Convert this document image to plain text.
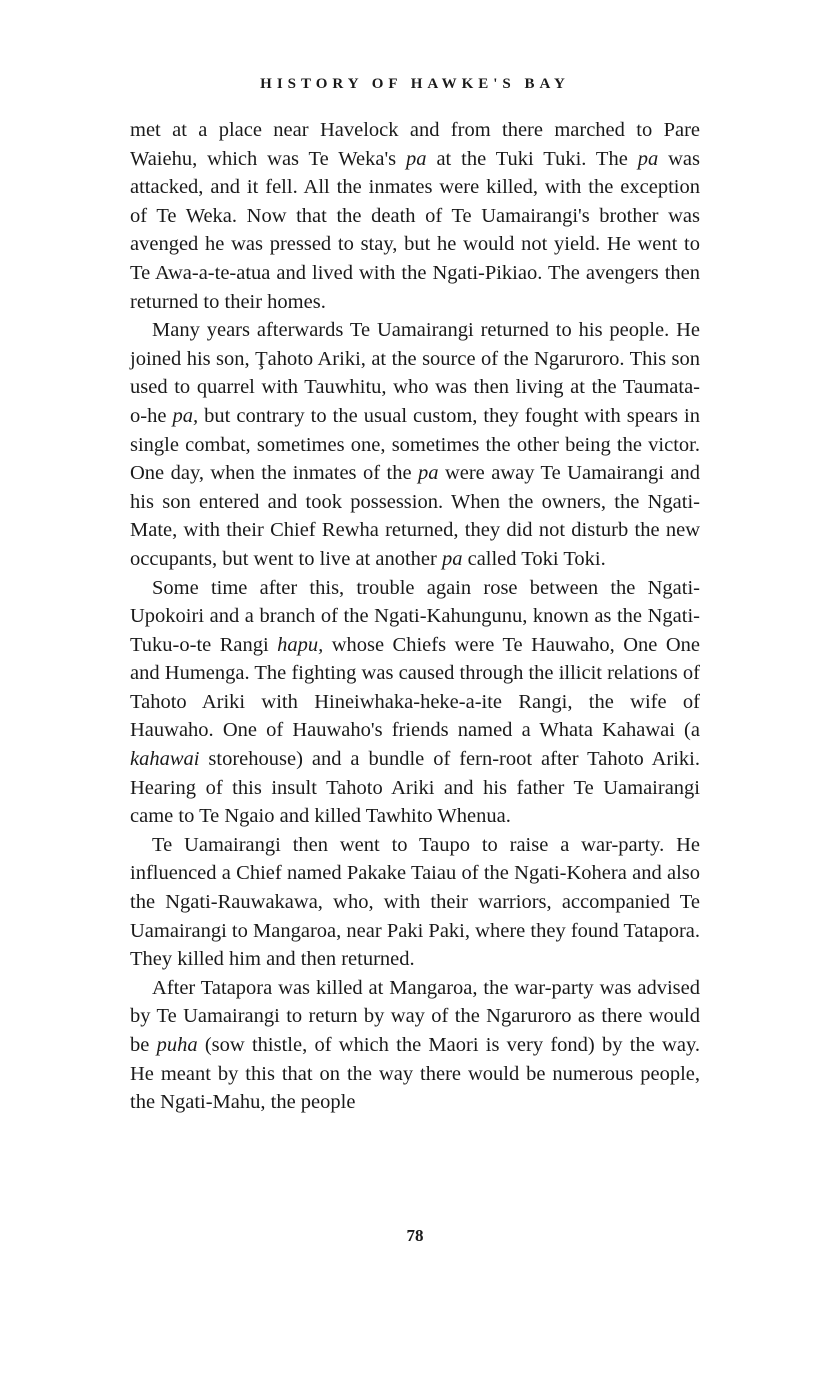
HISTORY OF HAWKE'S BAY

met at a place near Havelock and from there marched to Pare Waiehu, which was Te Weka's pa at the Tuki Tuki. The pa was attacked, and it fell. All the inmates were killed, with the exception of Te Weka. Now that the death of Te Uamairangi's brother was avenged he was pressed to stay, but he would not yield. He went to Te Awa-a-te-atua and lived with the Ngati-Pikiao. The avengers then returned to their homes.

Many years afterwards Te Uamairangi returned to his people. He joined his son, Ţahoto Ariki, at the source of the Ngaruroro. This son used to quarrel with Tauwhitu, who was then living at the Taumata-o-he pa, but contrary to the usual custom, they fought with spears in single combat, sometimes one, sometimes the other being the victor. One day, when the inmates of the pa were away Te Uamairangi and his son entered and took possession. When the owners, the Ngati-Mate, with their Chief Rewha returned, they did not disturb the new occupants, but went to live at another pa called Toki Toki.

Some time after this, trouble again rose between the Ngati-Upokoiri and a branch of the Ngati-Kahungunu, known as the Ngati-Tuku-o-te Rangi hapu, whose Chiefs were Te Hauwaho, One One and Humenga. The fighting was caused through the illicit relations of Tahoto Ariki with Hineiwhaka-heke-a-ite Rangi, the wife of Hauwaho. One of Hauwaho's friends named a Whata Kahawai (a kahawai storehouse) and a bundle of fern-root after Tahoto Ariki. Hearing of this insult Tahoto Ariki and his father Te Uamairangi came to Te Ngaio and killed Tawhito Whenua.

Te Uamairangi then went to Taupo to raise a war-party. He influenced a Chief named Pakake Taiau of the Ngati-Kohera and also the Ngati-Rauwakawa, who, with their warriors, accompanied Te Uamairangi to Mangaroa, near Paki Paki, where they found Tatapora. They killed him and then returned.

After Tatapora was killed at Mangaroa, the war-party was advised by Te Uamairangi to return by way of the Ngaruroro as there would be puha (sow thistle, of which the Maori is very fond) by the way. He meant by this that on the way there would be numerous people, the Ngati-Mahu, the people

78
